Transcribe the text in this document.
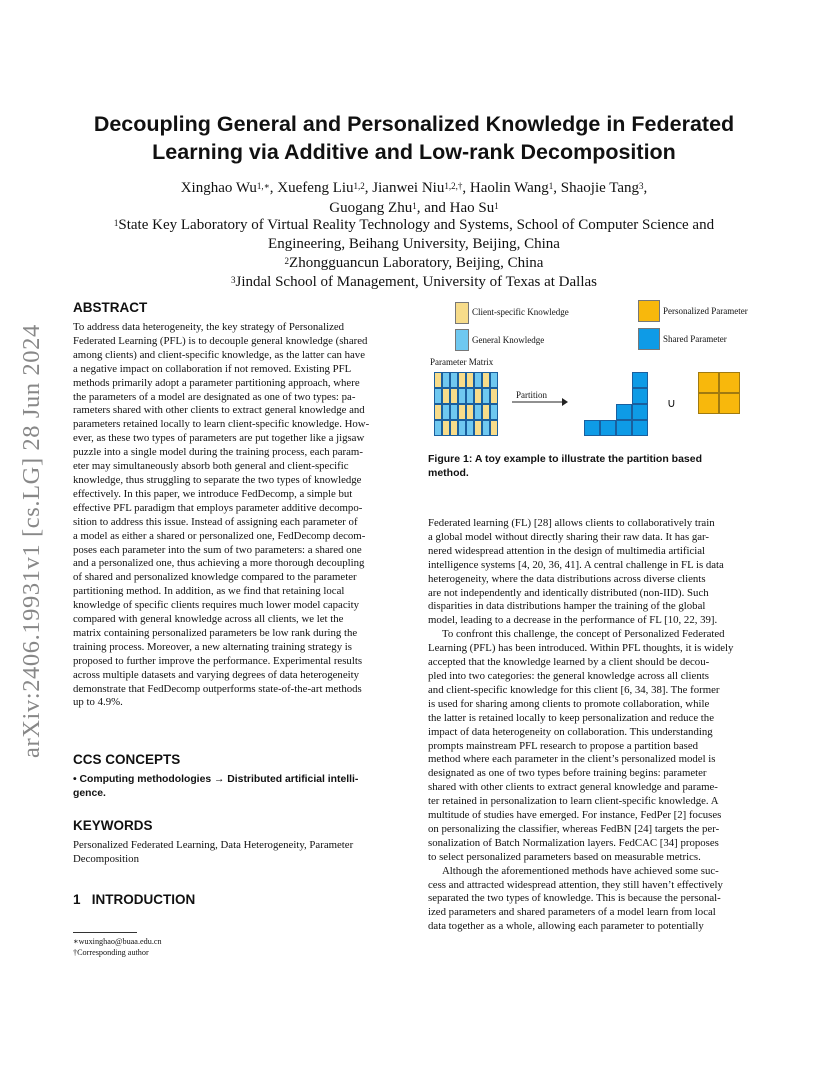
arXiv:2406.19931v1 [cs.LG] 28 Jun 2024
Decoupling General and Personalized Knowledge in Federated
Learning via Additive and Low-rank Decomposition
Xinghao $Wu^{1,∗}$, Xuefeng Liu$^{1,2}$, Jianwei Niu$^{1,2,\dagger}$, Haolin Wang$^1$, Shaojie Tang$^3$,
Guogang Zhu$^1$, and Hao Su$^1$
$^1$State Key Laboratory of Virtual Reality Technology and Systems, School of Computer Science and
Engineering, Beihang University, Beijing, China
$^2$Zhongguancun Laboratory, Beijing, China
$^3$Jindal School of Management, University of Texas at Dallas
ABSTRACT
To address data heterogeneity, the key strategy of Personalized
Federated Learning (PFL) is to decouple general knowledge (shared
among clients) and client-specific knowledge, as the latter can have
a negative impact on collaboration if not removed. Existing PFL
methods primarily adopt a parameter partitioning approach, where
the parameters of a model are designated as one of two types: pa-
rameters shared with other clients to extract general knowledge and
parameters retained locally to learn client-specific knowledge. How-
ever, as these two types of parameters are put together like a jigsaw
puzzle into a single model during the training process, each param-
eter may simultaneously absorb both general and client-specific
knowledge, thus struggling to separate the two types of knowledge
effectively. In this paper, we introduce FedDecomp, a simple but
effective PFL paradigm that employs parameter additive decompo-
sition to address this issue. Instead of assigning each parameter of
a model as either a shared or personalized one, FedDecomp decom-
poses each parameter into the sum of two parameters: a shared one
and a personalized one, thus achieving a more thorough decoupling
of shared and personalized knowledge compared to the parameter
partitioning method. In addition, as we find that retaining local
knowledge of specific clients requires much lower model capacity
compared with general knowledge across all clients, we let the
matrix containing personalized parameters be low rank during the
training process. Moreover, a new alternating training strategy is
proposed to further improve the performance. Experimental results
across multiple datasets and varying degrees of data heterogeneity
demonstrate that FedDecomp outperforms state-of-the-art methods
up to 4.9%.
CCS CONCEPTS
• Computing methodologies → Distributed artificial intelli-
gence.
KEYWORDS
Personalized Federated Learning, Data Heterogeneity, Parameter
Decomposition
1 INTRODUCTION
∗wuxinghao@buaa.edu.cn
†Corresponding author
Client-specific Knowledge
General Knowledge
Personalized Parameter
Shared Parameter
Parameter Matrix
Partition
∪
Figure 1: A toy example to illustrate the partition based
method.
Federated learning (FL) [28] allows clients to collaboratively train
a global model without directly sharing their raw data. It has gar-
nered widespread attention in the design of multimedia artificial
intelligence systems [4, 20, 36, 41]. A central challenge in FL is data
heterogeneity, where the data distributions across diverse clients
are not independently and identically distributed (non-IID). Such
disparities in data distributions hamper the training of the global
model, leading to a decrease in the performance of FL [10, 22, 39].
To confront this challenge, the concept of Personalized Federated
Learning (PFL) has been introduced. Within PFL thoughts, it is widely
accepted that the knowledge learned by a client should be decou-
pled into two categories: the general knowledge across all clients
and client-specific knowledge for this client [6, 34, 38]. The former
is used for sharing among clients to promote collaboration, while
the latter is retained locally to keep personalization and reduce the
impact of data heterogeneity on collaboration. This understanding
prompts mainstream PFL research to propose a partition based
method where each parameter in the client’s personalized model is
designated as one of two types before training begins: parameter
shared with other clients to extract general knowledge and parame-
ter retained in personalization to learn client-specific knowledge. A
multitude of studies have emerged. For instance, FedPer [2] focuses
on personalizing the classifier, whereas FedBN [24] targets the per-
sonalization of Batch Normalization layers. FedCAC [34] proposes
to select personalized parameters based on measurable metrics.
Although the aforementioned methods have achieved some suc-
cess and attracted widespread attention, they still haven’t effectively
separated the two types of knowledge. This is because the personal-
ized parameters and shared parameters of a model learn from local
data together as a whole, allowing each parameter to potentially
